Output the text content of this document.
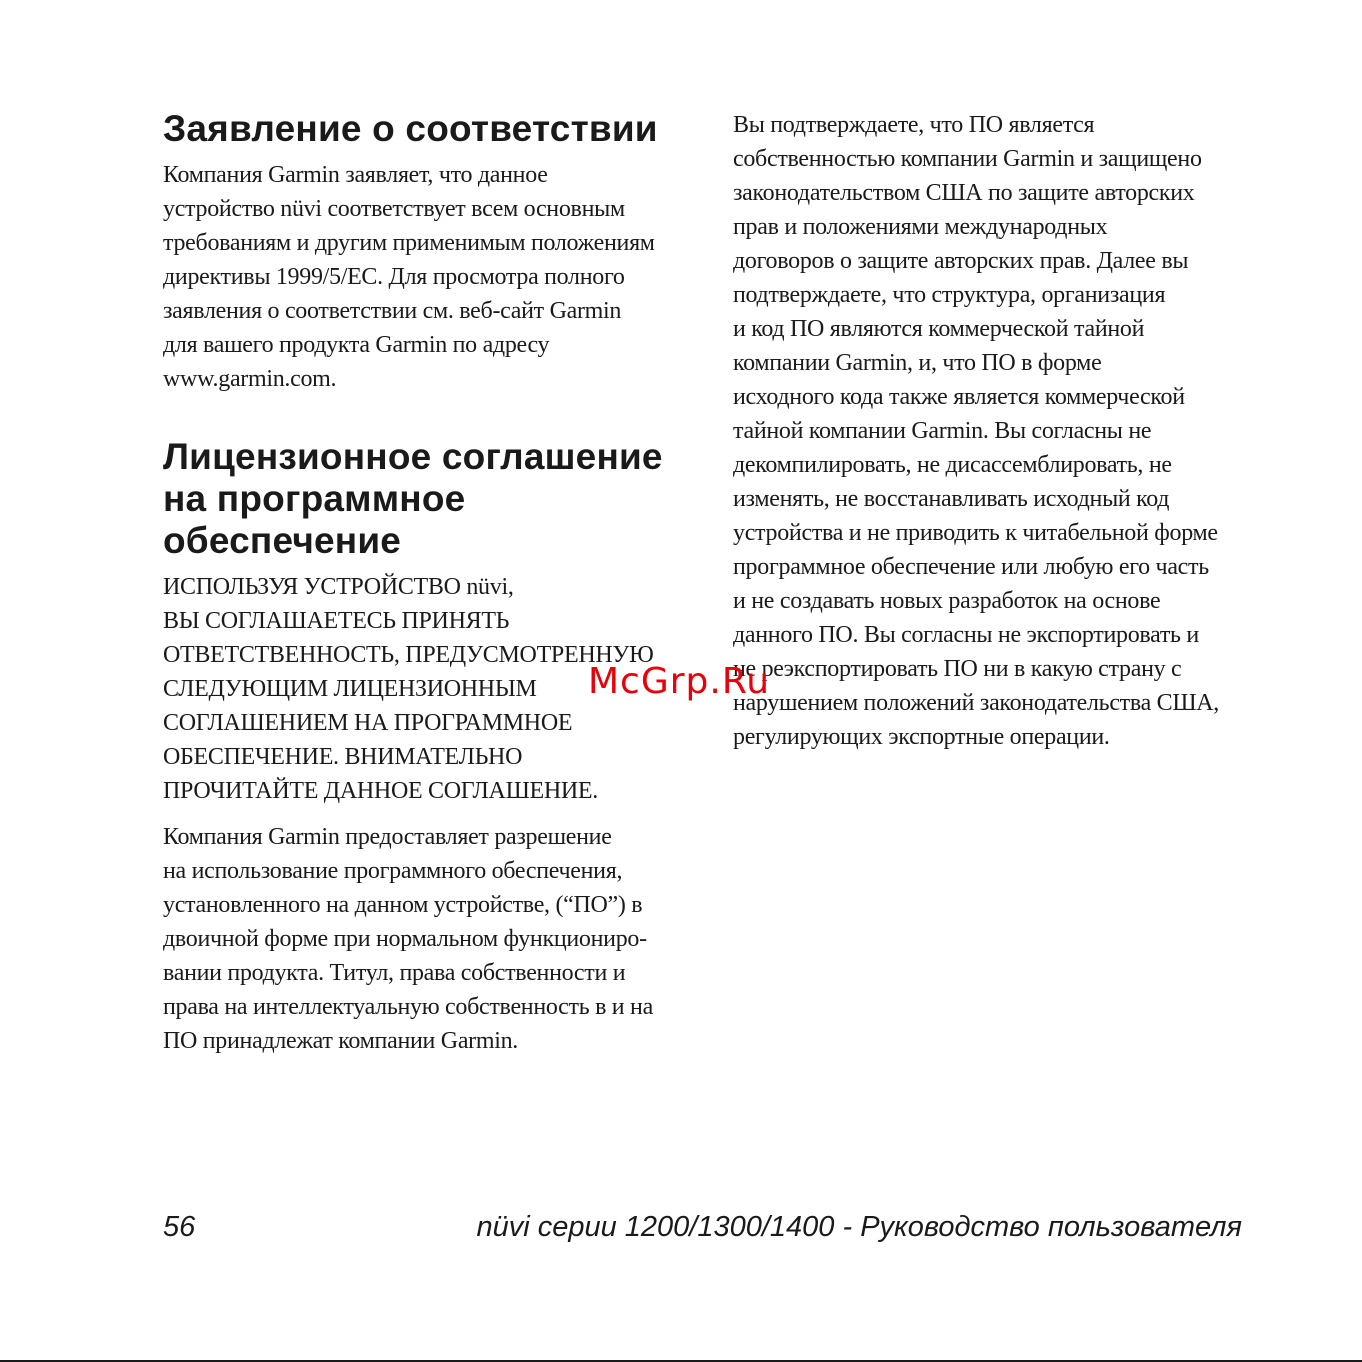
Заявление о соответствии

Компания Garmin заявляет, что данное
устройство nüvi соответствует всем основным
требованиям и другим применимым положениям
директивы 1999/5/EC. Для просмотра полного
заявления о соответствии см. веб-сайт Garmin
для вашего продукта Garmin по адресу
www.garmin.com.

Лицензионное соглашение
на программное
обеспечение

ИСПОЛЬЗУЯ УСТРОЙСТВО nüvi,
ВЫ СОГЛАШАЕТЕСЬ ПРИНЯТЬ
ОТВЕТСТВЕННОСТЬ, ПРЕДУСМОТРЕННУЮ
СЛЕДУЮЩИМ ЛИЦЕНЗИОННЫМ
СОГЛАШЕНИЕМ НА ПРОГРАММНОЕ
ОБЕСПЕЧЕНИЕ. ВНИМАТЕЛЬНО
ПРОЧИТАЙТЕ ДАННОЕ СОГЛАШЕНИЕ.

Компания Garmin предоставляет разрешение
на использование программного обеспечения,
установленного на данном устройстве, (“ПО”) в
двоичной форме при нормальном функциониро-
вании продукта. Титул, права собственности и
права на интеллектуальную собственность в и на
ПО принадлежат компании Garmin.

Вы подтверждаете, что ПО является
собственностью компании Garmin и защищено
законодательством США по защите авторских
прав и положениями международных
договоров о защите авторских прав. Далее вы
подтверждаете, что структура, организация
и код ПО являются коммерческой тайной
компании Garmin, и, что ПО в форме
исходного кода также является коммерческой
тайной компании Garmin. Вы согласны не
декомпилировать, не дисассемблировать, не
изменять, не восстанавливать исходный код
устройства и не приводить к читабельной форме
программное обеспечение или любую его часть
и не создавать новых разработок на основе
данного ПО. Вы согласны не экспортировать и
не реэкспортировать ПО ни в какую страну с
нарушением положений законодательства США,
регулирующих экспортные операции.

McGrp.Ru
56	nüvi серии 1200/1300/1400 - Руководство пользователя
